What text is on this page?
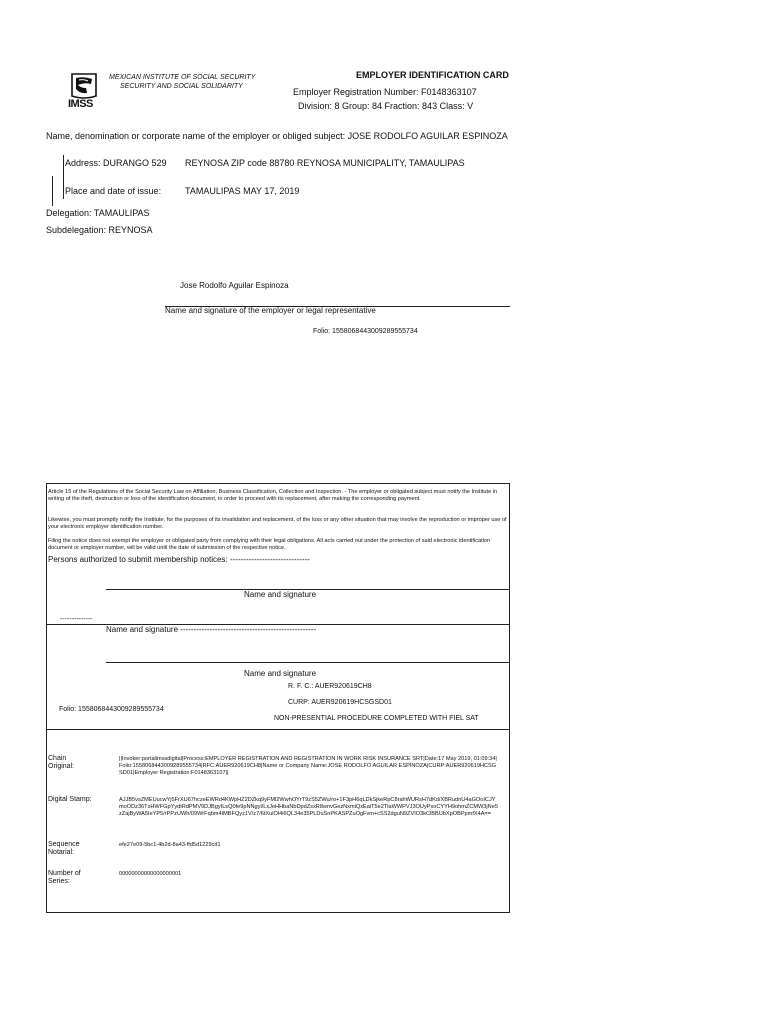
IMSS
MEXICAN INSTITUTE OF SOCIAL SECURITY
SECURITY AND SOCIAL SOLIDARITY
EMPLOYER IDENTIFICATION CARD
Employer Registration Number: F0148363107
Division: 8 Group: 84 Fraction: 843 Class: V
Name, denomination or corporate name of the employer or obliged subject: JOSE RODOLFO AGUILAR ESPINOZA
Address: DURANGO 529 REYNOSA ZIP code 88780 REYNOSA MUNICIPALITY, TAMAULIPAS
Place and date of issue:	TAMAULIPAS MAY 17, 2019
Delegation: TAMAULIPAS
Subdelegation: REYNOSA
Jose Rodolfo Aguilar Espinoza
Name and signature of the employer or legal representative
Folio: 1558068443009289555734
Article 15 of the Regulations of the Social Security Law on Affiliation, Business Classification, Collection and Inspection. - The employer or obligated subject must notify the Institute in writing of the theft, destruction or loss of the identification document, in order to proceed with its replacement, after making the corresponding payment.
Likewise, you must promptly notify the Institute, for the purposes of its invalidation and replacement, of the loss or any other situation that may involve the reproduction or improper use of your electronic employer identification number.
Filing the notice does not exempt the employer or obligated party from complying with their legal obligations. All acts carried out under the protection of said electronic identification document or employer number, will be valid until the date of submission of the respective notice.
Persons authorized to submit membership notices: ------------------------------
Name and signature
--------------
Name and signature ---------------------------------------------------
Name and signature
R. F. C.: AUER920619CH8
CURP: AUER920619HCSGSD01
Folio: 1558068443009289555734
NON-PRESENTIAL PROCEDURE COMPLETED WITH FIEL SAT
Chain Original:
||Invoker:portalimssdigital|Process:EMPLOYER REGISTRATION AND REGISTRATION IN WORK RISK INSURANCE SRT|Date:17 May 2019, 01:09:34|Folio:1558068443009289555734|RFC:AUER920619CH8|Name or Company Name:JOSE RODOLFO AGUILAR ESPINOZA|CURP:AUER920619HCSGSD01|Employer Registration:F0148363107||
Digital Stamp:	AJJB5vsZMEUucwYj5FrXU67hczeEWRd4KWpHZ2DZkq9yFMl2WwhOYrT9zS5ZWu/ro+1F3pH6qLDkSjkeRpC8rahWURsH7dKd/XBRudnU4aGOoICJYmoODz36TxHWFGpYydtRdPMV9DJBgyILsQ0fe9pNNgyl/LxJeHHbaNbDpdZsxR8wnvGezNxmiQxEaiT5e2TlaWWPVJ3OUyPxoCYYH9ohmZCMW3jNe5zZajByWA5IeYP5/rPPzUWh/09WrFqbm4tMBFQyz1V/z7/6tXulOl4i6QL34e35PLDuSnPKASPZuOgFvm+cSS2dguN9ZVIO3kClBBUbXpOBPpmfX4A==
Sequence Notarial:
efe27e09-5bc1-4b2d-8a43-ffd5d1229cd1
Number of Series:
00000000000000000001
